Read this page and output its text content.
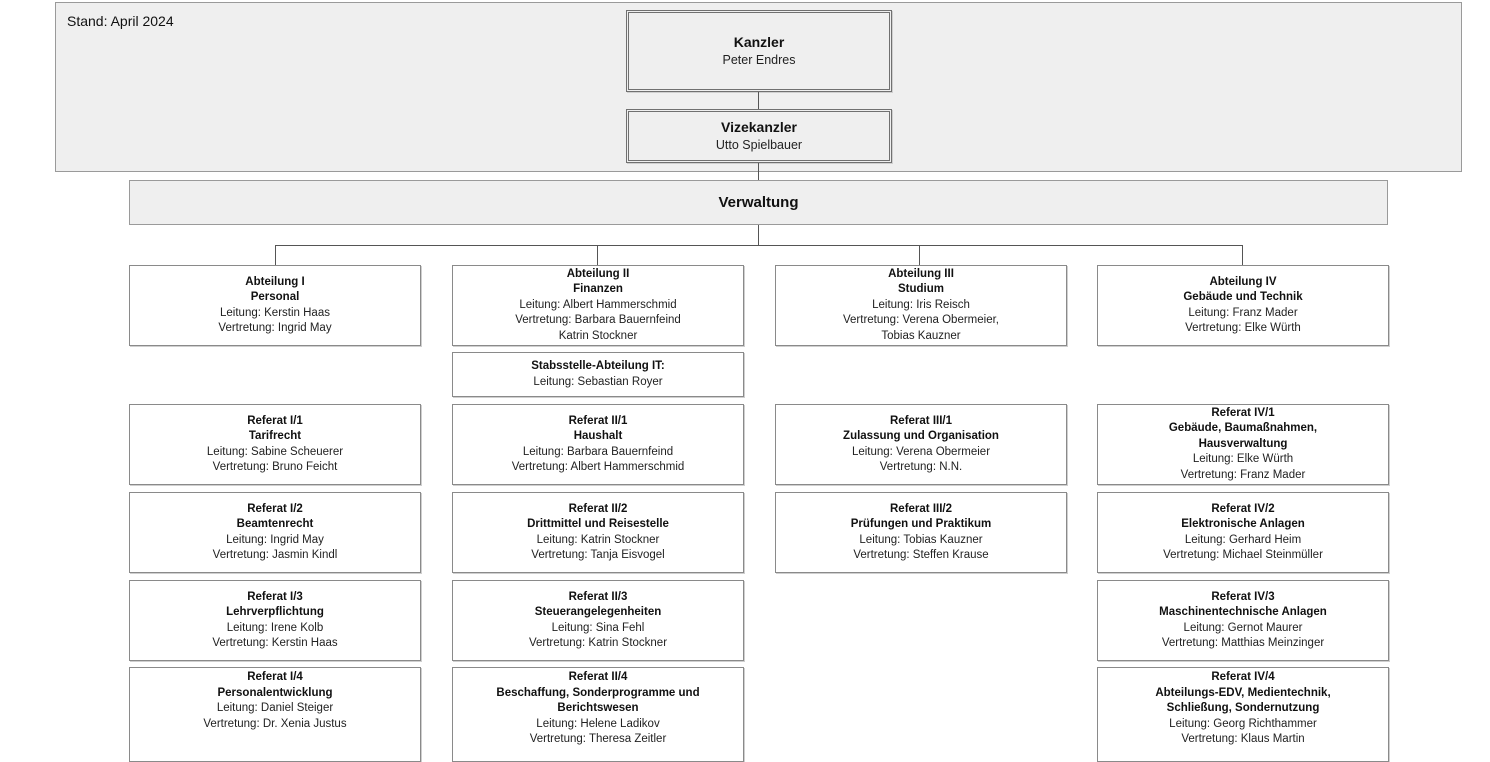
Stand: April 2024
Kanzler
Peter Endres
Vizekanzler
Utto Spielbauer
Verwaltung
Abteilung I
Personal
Leitung: Kerstin Haas
Vertretung: Ingrid May
Abteilung II
Finanzen
Leitung: Albert Hammerschmid
Vertretung: Barbara Bauernfeind
Katrin Stockner
Abteilung III
Studium
Leitung: Iris Reisch
Vertretung: Verena Obermeier,
Tobias Kauzner
Abteilung IV
Gebäude und Technik
Leitung: Franz Mader
Vertretung: Elke Würth
Stabsstelle-Abteilung IT:
Leitung: Sebastian Royer
Referat I/1
Tarifrecht
Leitung: Sabine Scheuerer
Vertretung: Bruno Feicht
Referat II/1
Haushalt
Leitung: Barbara Bauernfeind
Vertretung: Albert Hammerschmid
Referat III/1
Zulassung und Organisation
Leitung: Verena Obermeier
Vertretung: N.N.
Referat IV/1
Gebäude, Baumaßnahmen,
Hausverwaltung
Leitung: Elke Würth
Vertretung: Franz Mader
Referat I/2
Beamtenrecht
Leitung: Ingrid May
Vertretung: Jasmin Kindl
Referat II/2
Drittmittel und Reisestelle
Leitung: Katrin Stockner
Vertretung: Tanja Eisvogel
Referat III/2
Prüfungen und Praktikum
Leitung: Tobias Kauzner
Vertretung: Steffen Krause
Referat IV/2
Elektronische Anlagen
Leitung: Gerhard Heim
Vertretung: Michael Steinmüller
Referat I/3
Lehrverpflichtung
Leitung: Irene Kolb
Vertretung: Kerstin Haas
Referat II/3
Steuerangelegenheiten
Leitung: Sina Fehl
Vertretung: Katrin Stockner
Referat IV/3
Maschinentechnische Anlagen
Leitung: Gernot Maurer
Vertretung: Matthias Meinzinger
Referat I/4
Personalentwicklung
Leitung: Daniel Steiger
Vertretung: Dr. Xenia Justus
Referat II/4
Beschaffung, Sonderprogramme und
Berichtswesen
Leitung: Helene Ladikov
Vertretung: Theresa Zeitler
Referat IV/4
Abteilungs-EDV, Medientechnik,
Schließung, Sondernutzung
Leitung: Georg Richthammer
Vertretung: Klaus Martin
